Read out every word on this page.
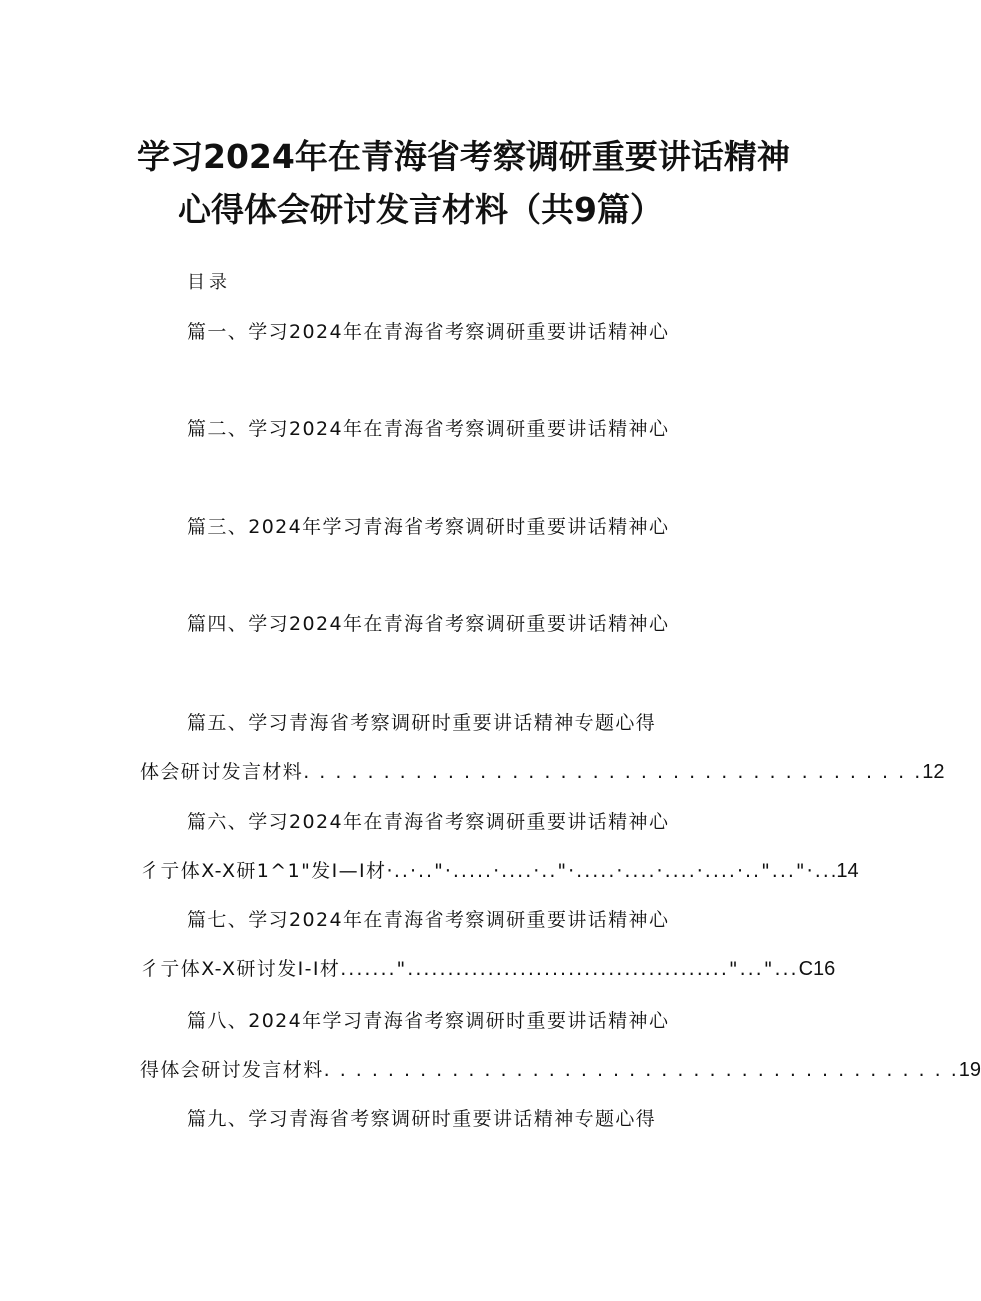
学习2024年在青海省考察调研重要讲话精神
心得体会研讨发言材料（共9篇）
目录
篇一、学习2024年在青海省考察调研重要讲话精神心
篇二、学习2024年在青海省考察调研重要讲话精神心
篇三、2024年学习青海省考察调研时重要讲话精神心
篇四、学习2024年在青海省考察调研重要讲话精神心
篇五、学习青海省考察调研时重要讲话精神专题心得
体会研讨发言材料 . . . . . . . . . . . . . . . . . . . . . . . . . . . . . . . . . . . . . . . 12
篇六、学习2024年在青海省考察调研重要讲话精神心
彳亍体X-X研1^1"发I—I材· ..·.."·.....·....·.."·.....·....·....·....·.."..."·.. .14
篇七、学习2024年在青海省考察调研重要讲话精神心
彳亍体X-X研讨发I-I材 ......."........................................"..."... C16
篇八、2024年学习青海省考察调研时重要讲话精神心
得体会研讨发言材料 . . . . . . . . . . . . . . . . . . . . . . . . . . . . . . . . . . . . . . . . 19
篇九、学习青海省考察调研时重要讲话精神专题心得
